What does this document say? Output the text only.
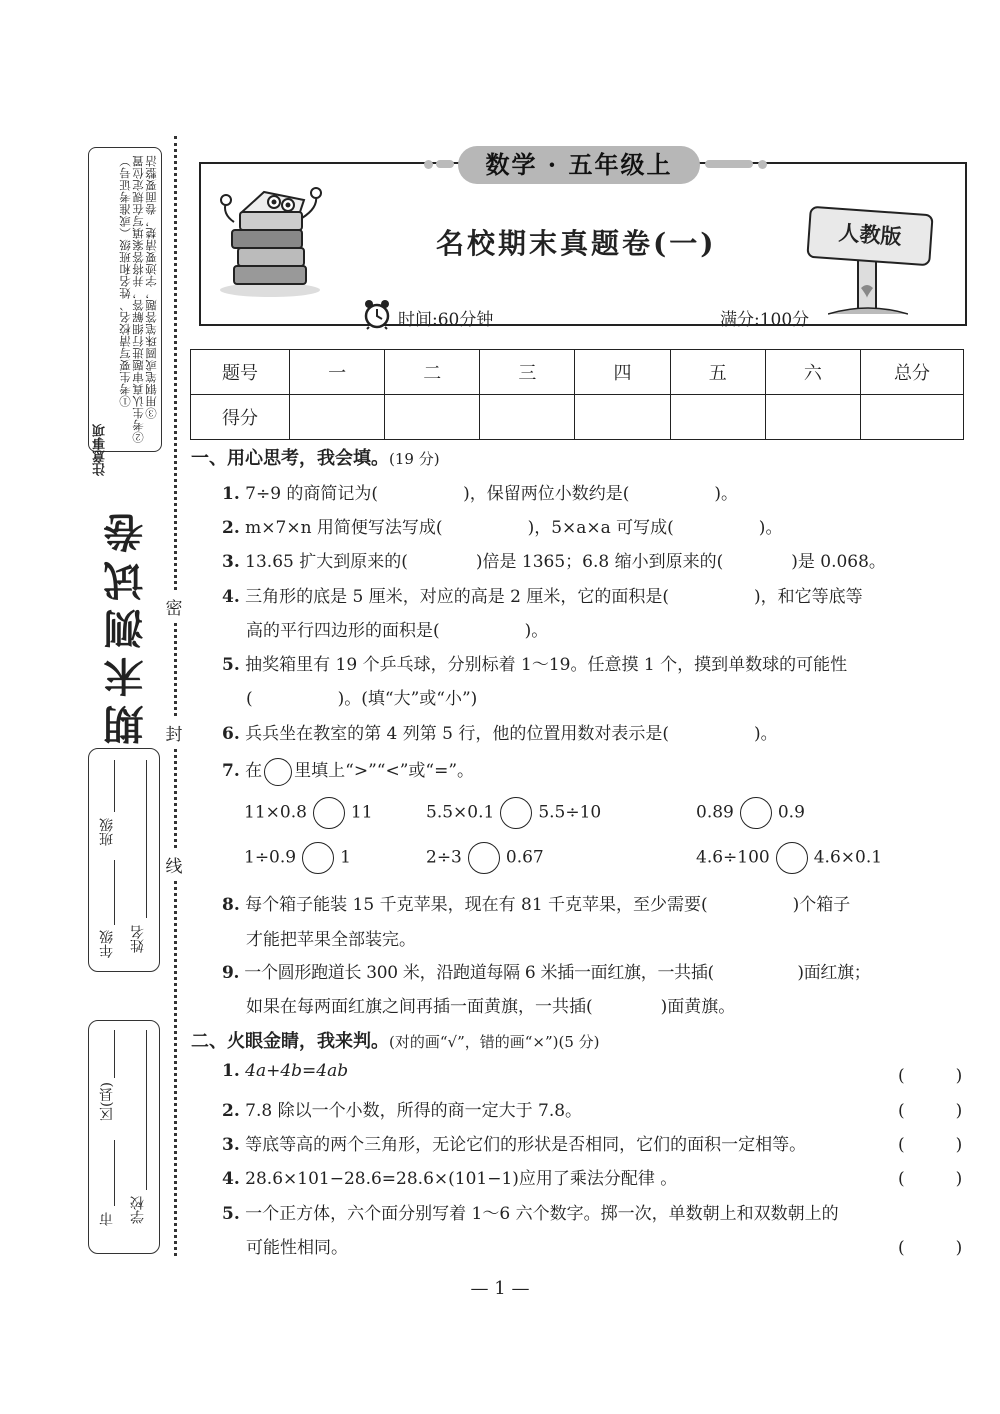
注意事项
①考生要写清校名、姓名和班级（或准考证号） ②考生认真审题进行细解答，并将答案填写在规定位置 ③用钢笔或圆珠笔答题，字迹要清楚，卷面要整洁
期末测试卷 密
封
线
年级
班级
姓名
市
区(县)
学校
数学 · 五年级上
名校期末真题卷(一)	人教版
时间:60分钟	满分:100分
题号	一	二	三	四	五	六	总分
得分							
一、用心思考，我会填。(19 分)
1. 7÷9 的商简记为(　　　　　)，保留两位小数约是(　　　　　)。
2. m×7×n 用简便写法写成(　　　　　)，5×a×a 可写成(　　　　　)。
3. 13.65 扩大到原来的(　　　　)倍是 1365；6.8 缩小到原来的(　　　　)是 0.068。
4. 三角形的底是 5 厘米，对应的高是 2 厘米，它的面积是(　　　　　)，和它等底等
高的平行四边形的面积是(　　　　　)。
5. 抽奖箱里有 19 个乒乓球，分别标着 1～19。任意摸 1 个，摸到单数球的可能性
(　　　　　)。(填“大”或“小”)
6. 兵兵坐在教室的第 4 列第 5 行，他的位置用数对表示是(　　　　　)。
7. 在 里填上“>”“<”或“=”。
11×0.8	11	5.5×0.1	5.5÷10	0.89	0.9
1÷0.9	1	2÷3	0.67	4.6÷100	4.6×0.1
8. 每个箱子能装 15 千克苹果，现在有 81 千克苹果，至少需要(　　　　　)个箱子
才能把苹果全部装完。
9. 一个圆形跑道长 300 米，沿跑道每隔 6 米插一面红旗，一共插(　　　　　)面红旗；
如果在每两面红旗之间再插一面黄旗，一共插(　　　　)面黄旗。
二、火眼金睛，我来判。(对的画“√”，错的画“×”)(5 分)
1. 4a+4b=4ab	(　　　)
2. 7.8 除以一个小数，所得的商一定大于 7.8。	(　　　)
3. 等底等高的两个三角形，无论它们的形状是否相同，它们的面积一定相等。	(　　　)
4. 28.6×101−28.6=28.6×(101−1)应用了乘法分配律 。	(　　　)
5. 一个正方体，六个面分别写着 1～6 六个数字。掷一次，单数朝上和双数朝上的
可能性相同。	(　　　)
— 1 —
